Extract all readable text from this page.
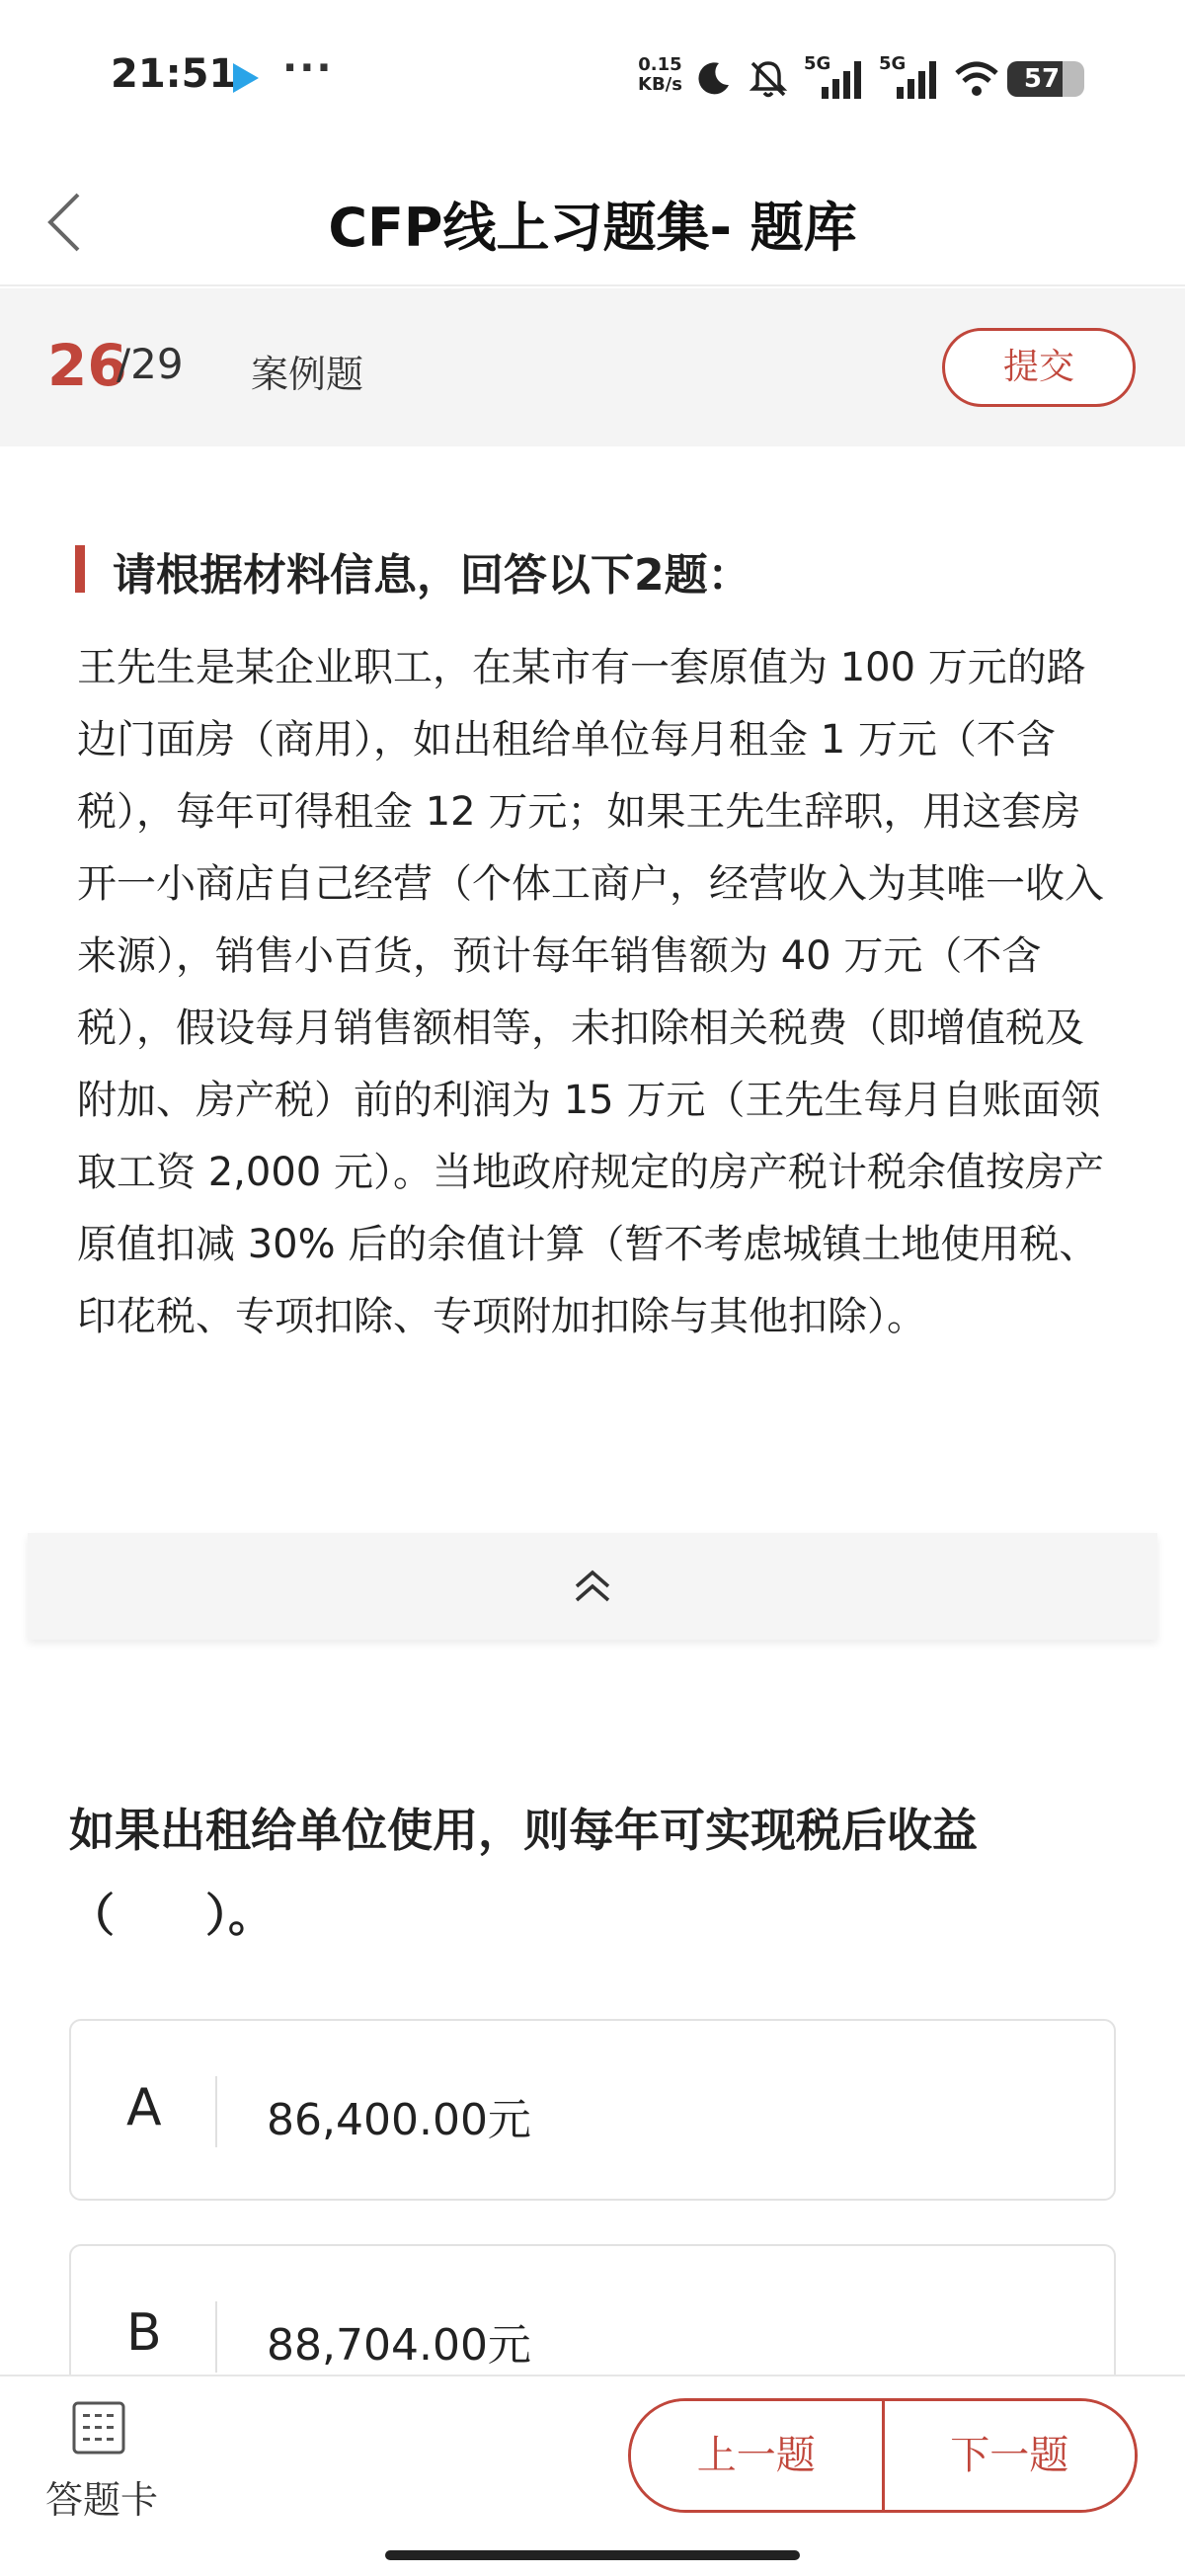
21:51 ···	0.15
KB/s
5G	5G
57
CFP线上习题集- 题库
26
/29 案例题	提交
请根据材料信息，回答以下2题：
王先生是某企业职工，在某市有一套原值为 100 万元的路边门面房（商用），如出租给单位每月租金 1 万元（不含税），每年可得租金 12 万元；如果王先生辞职，用这套房开一小商店自己经营（个体工商户，经营收入为其唯一收入来源），销售小百货，预计每年销售额为 40 万元（不含税），假设每月销售额相等，未扣除相关税费（即增值税及附加、房产税）前的利润为 15 万元（王先生每月自账面领取工资 2,000 元）。当地政府规定的房产税计税余值按房产原值扣减 30% 后的余值计算（暂不考虑城镇土地使用税、印花税、专项扣除、专项附加扣除与其他扣除）。
如果出租给单位使用，则每年可实现税后收益（　　）。
A 86,400.00元
B 88,704.00元
答题卡
上一题	下一题
